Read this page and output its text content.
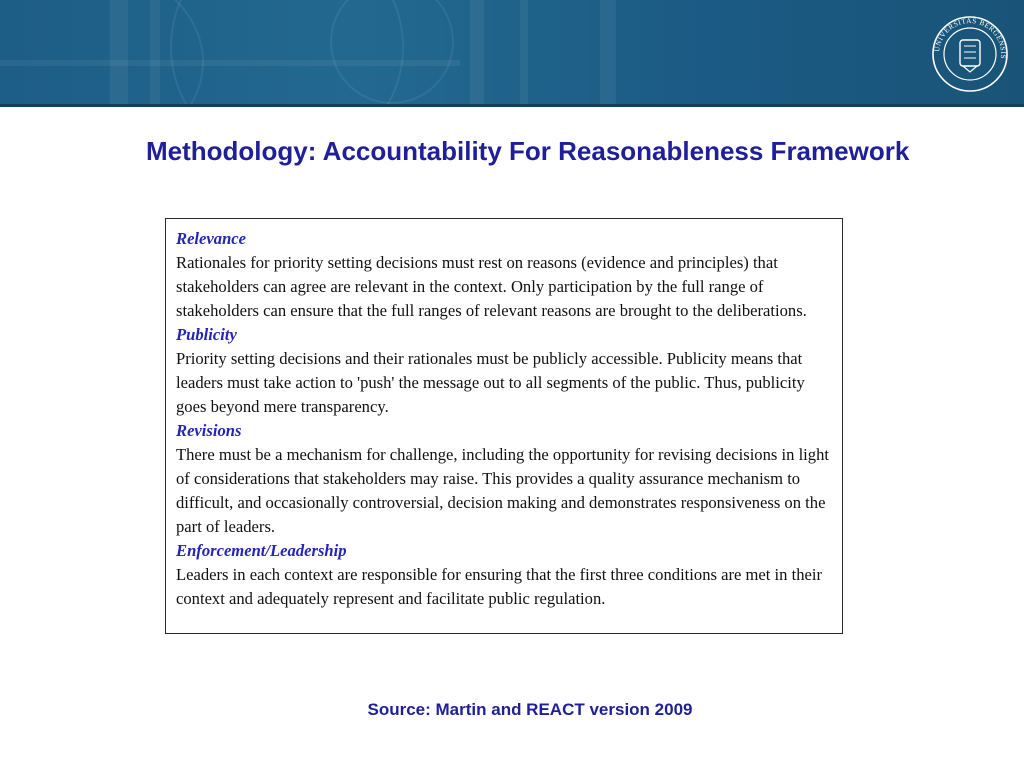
UNIVERSITAS BERGENSIS
Methodology: Accountability For Reasonableness Framework
Relevance

Rationales for priority setting decisions must rest on reasons (evidence and principles) that stakeholders can agree are relevant in the context. Only participation by the full range of stakeholders can ensure that the full ranges of relevant reasons are brought to the deliberations.

Publicity

Priority setting decisions and their rationales must be publicly accessible. Publicity means that leaders must take action to 'push' the message out to all segments of the public. Thus, publicity goes beyond mere transparency.

Revisions

There must be a mechanism for challenge, including the opportunity for revising decisions in light of considerations that stakeholders may raise. This provides a quality assurance mechanism to difficult, and occasionally controversial, decision making and demonstrates responsiveness on the part of leaders.

Enforcement/Leadership

Leaders in each context are responsible for ensuring that the first three conditions are met in their context and adequately represent and facilitate public regulation.

Source: Martin and REACT version 2009
